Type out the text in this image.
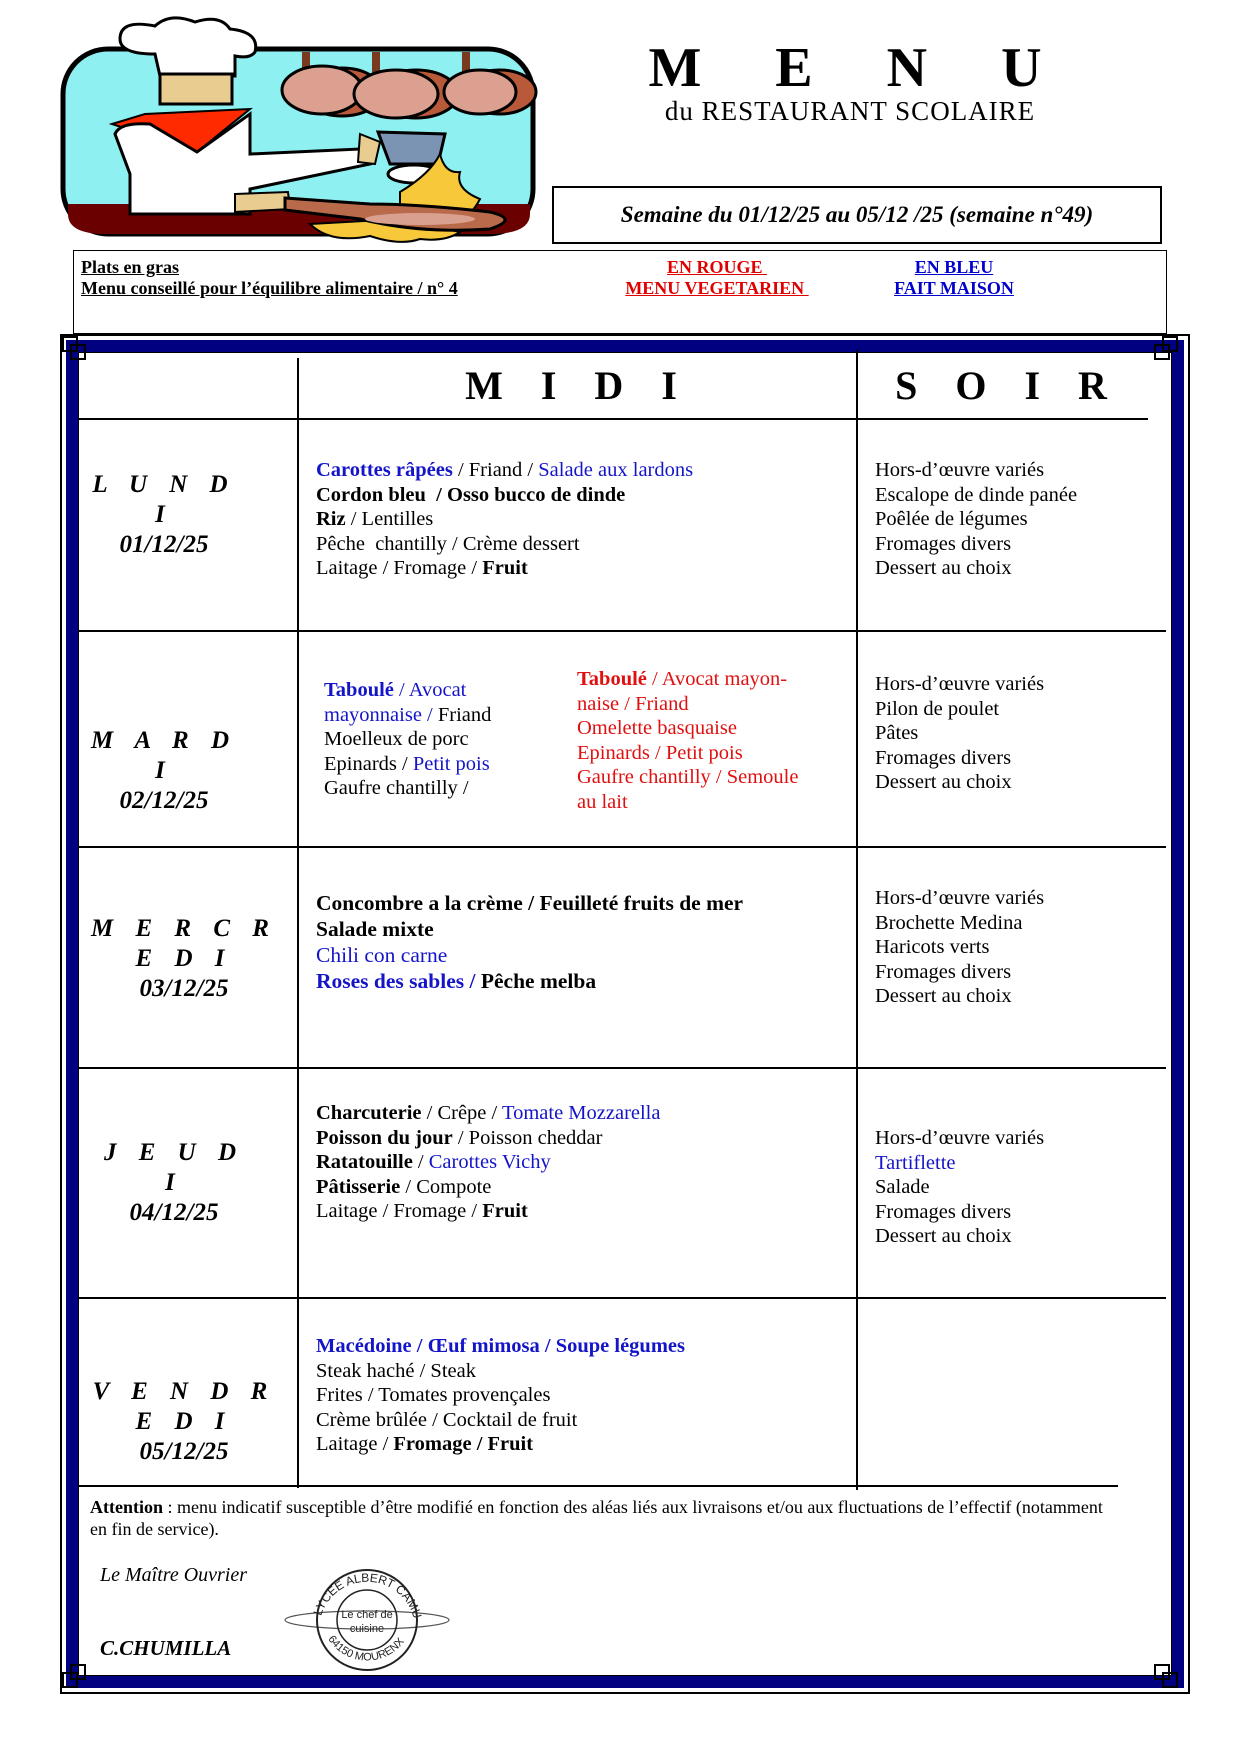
M E N U
du RESTAURANT SCOLAIRE
Semaine du 01/12/25 au 05/12 /25 (semaine n°49)
Plats en gras
Menu conseillé pour l’équilibre alimentaire / n° 4
EN ROUGE
MENU VEGETARIEN
EN BLEU
FAIT MAISON
M I D I	S O I R
L U N D I
01/12/25
M A R D I
02/12/25
M E R C R E D I
03/12/25
J E U D I
04/12/25
V E N D R E D I
05/12/25
Carottes râpées / Friand / Salade aux lardons
Cordon bleu  / Osso bucco de dinde
Riz / Lentilles
Pêche  chantilly / Crème dessert
Laitage / Fromage / Fruit
Hors-d’œuvre variés
Escalope de dinde panée
Poêlée de légumes
Fromages divers
Dessert au choix
Taboulé / Avocat
mayonnaise / Friand
Moelleux de porc
Epinards / Petit pois
Gaufre chantilly /
Taboulé / Avocat mayon-
naise / Friand
Omelette basquaise
Epinards / Petit pois
Gaufre chantilly / Semoule
au lait
Hors-d’œuvre variés
Pilon de poulet
Pâtes
Fromages divers
Dessert au choix
Concombre a la crème / Feuilleté fruits de mer
Salade mixte
Chili con carne
Roses des sables / Pêche melba
Hors-d’œuvre variés
Brochette Medina
Haricots verts
Fromages divers
Dessert au choix
Charcuterie / Crêpe / Tomate Mozzarella
Poisson du jour / Poisson cheddar
Ratatouille / Carottes Vichy
Pâtisserie / Compote
Laitage / Fromage / Fruit
Hors-d’œuvre variés
Tartiflette
Salade
Fromages divers
Dessert au choix
Macédoine / Œuf mimosa / Soupe légumes
Steak haché / Steak
Frites / Tomates provençales
Crème brûlée / Cocktail de fruit
Laitage / Fromage / Fruit
Attention : menu indicatif susceptible d’être modifié en fonction des aléas liés aux livraisons et/ou aux fluctuations de l’effectif (notamment en fin de service).
Le Maître Ouvrier
C.CHUMILLA
LYCEE ALBERT CAMU
64150 MOURENX
Le chef de
cuisine
